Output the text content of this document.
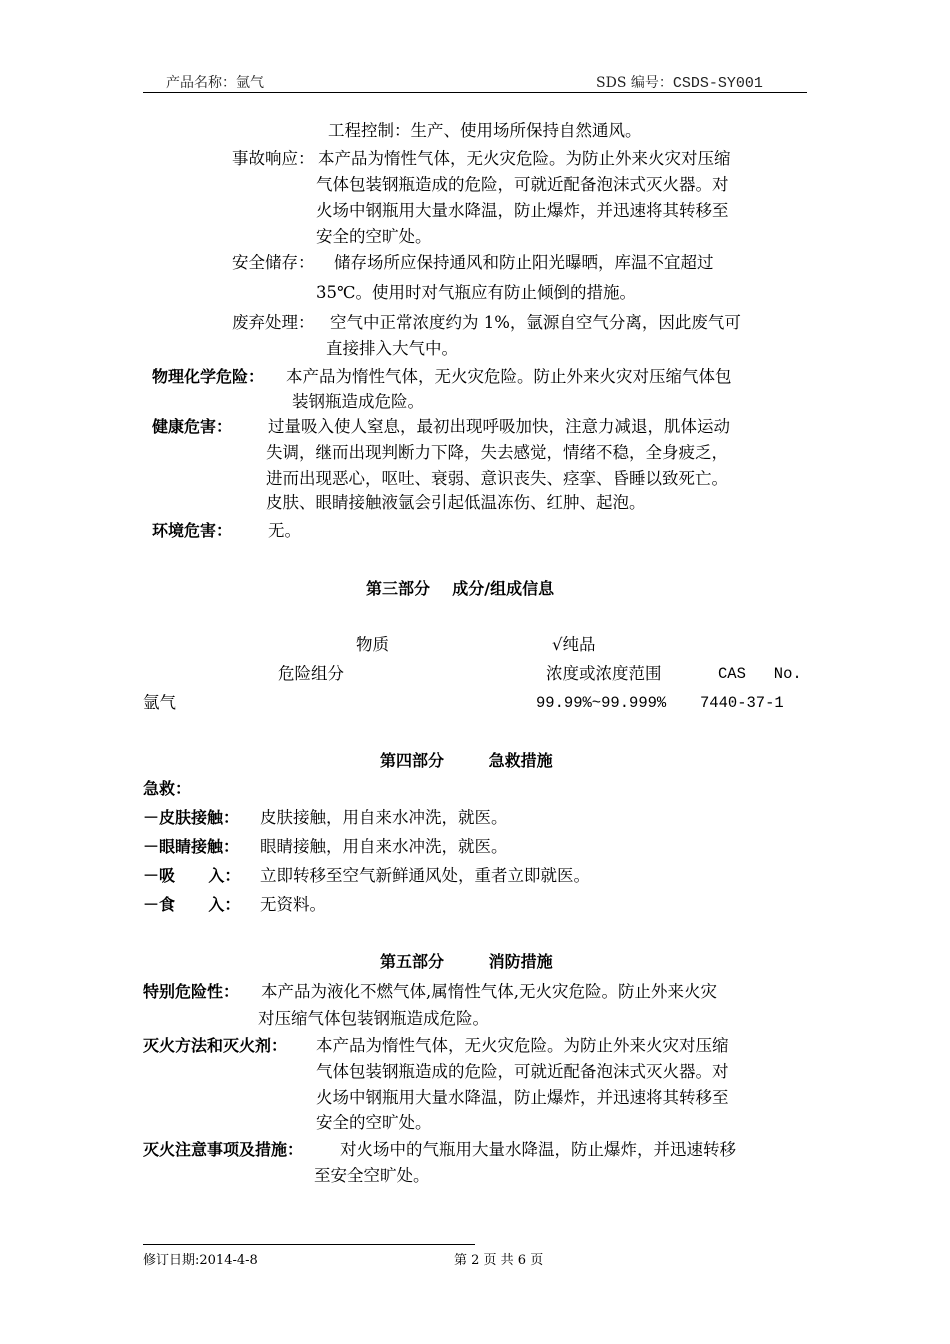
产品名称：氩气	SDS 编号：CSDS-SY001
工程控制：生产、使用场所保持自然通风。
事故响应： 本产品为惰性气体，无火灾危险。为防止外来火灾对压缩
气体包装钢瓶造成的危险，可就近配备泡沫式灭火器。对
火场中钢瓶用大量水降温，防止爆炸，并迅速将其转移至
安全的空旷处。
安全储存： 储存场所应保持通风和防止阳光曝晒，库温不宜超过
35℃。使用时对气瓶应有防止倾倒的措施。
废弃处理： 空气中正常浓度约为 1%，氩源自空气分离，因此废气可
直接排入大气中。
物理化学危险： 本产品为惰性气体，无火灾危险。防止外来火灾对压缩气体包
装钢瓶造成危险。
健康危害： 过量吸入使人窒息，最初出现呼吸加快，注意力减退，肌体运动
失调，继而出现判断力下降，失去感觉，情绪不稳，全身疲乏，
进而出现恶心，呕吐、衰弱、意识丧失、痉挛、昏睡以致死亡。
皮肤、眼睛接触液氩会引起低温冻伤、红肿、起泡。
环境危害： 无。
第三部分    成分/组成信息
物质	√纯品
危险组分	浓度或浓度范围	CAS   No.
氩气	99.99%~99.999% 7440-37-1
第四部分        急救措施
急救：
－皮肤接触： 皮肤接触，用自来水冲洗，就医。
－眼睛接触： 眼睛接触，用自来水冲洗，就医。
－吸      入： 立即转移至空气新鲜通风处，重者立即就医。
－食      入： 无资料。
第五部分        消防措施
特别危险性： 本产品为液化不燃气体,属惰性气体,无火灾危险。防止外来火灾
对压缩气体包装钢瓶造成危险。
灭火方法和灭火剂： 本产品为惰性气体，无火灾危险。为防止外来火灾对压缩
气体包装钢瓶造成的危险，可就近配备泡沫式灭火器。对
火场中钢瓶用大量水降温，防止爆炸，并迅速将其转移至
安全的空旷处。
灭火注意事项及措施： 对火场中的气瓶用大量水降温，防止爆炸，并迅速转移
至安全空旷处。
修订日期:2014-4-8	第 2 页 共 6 页
